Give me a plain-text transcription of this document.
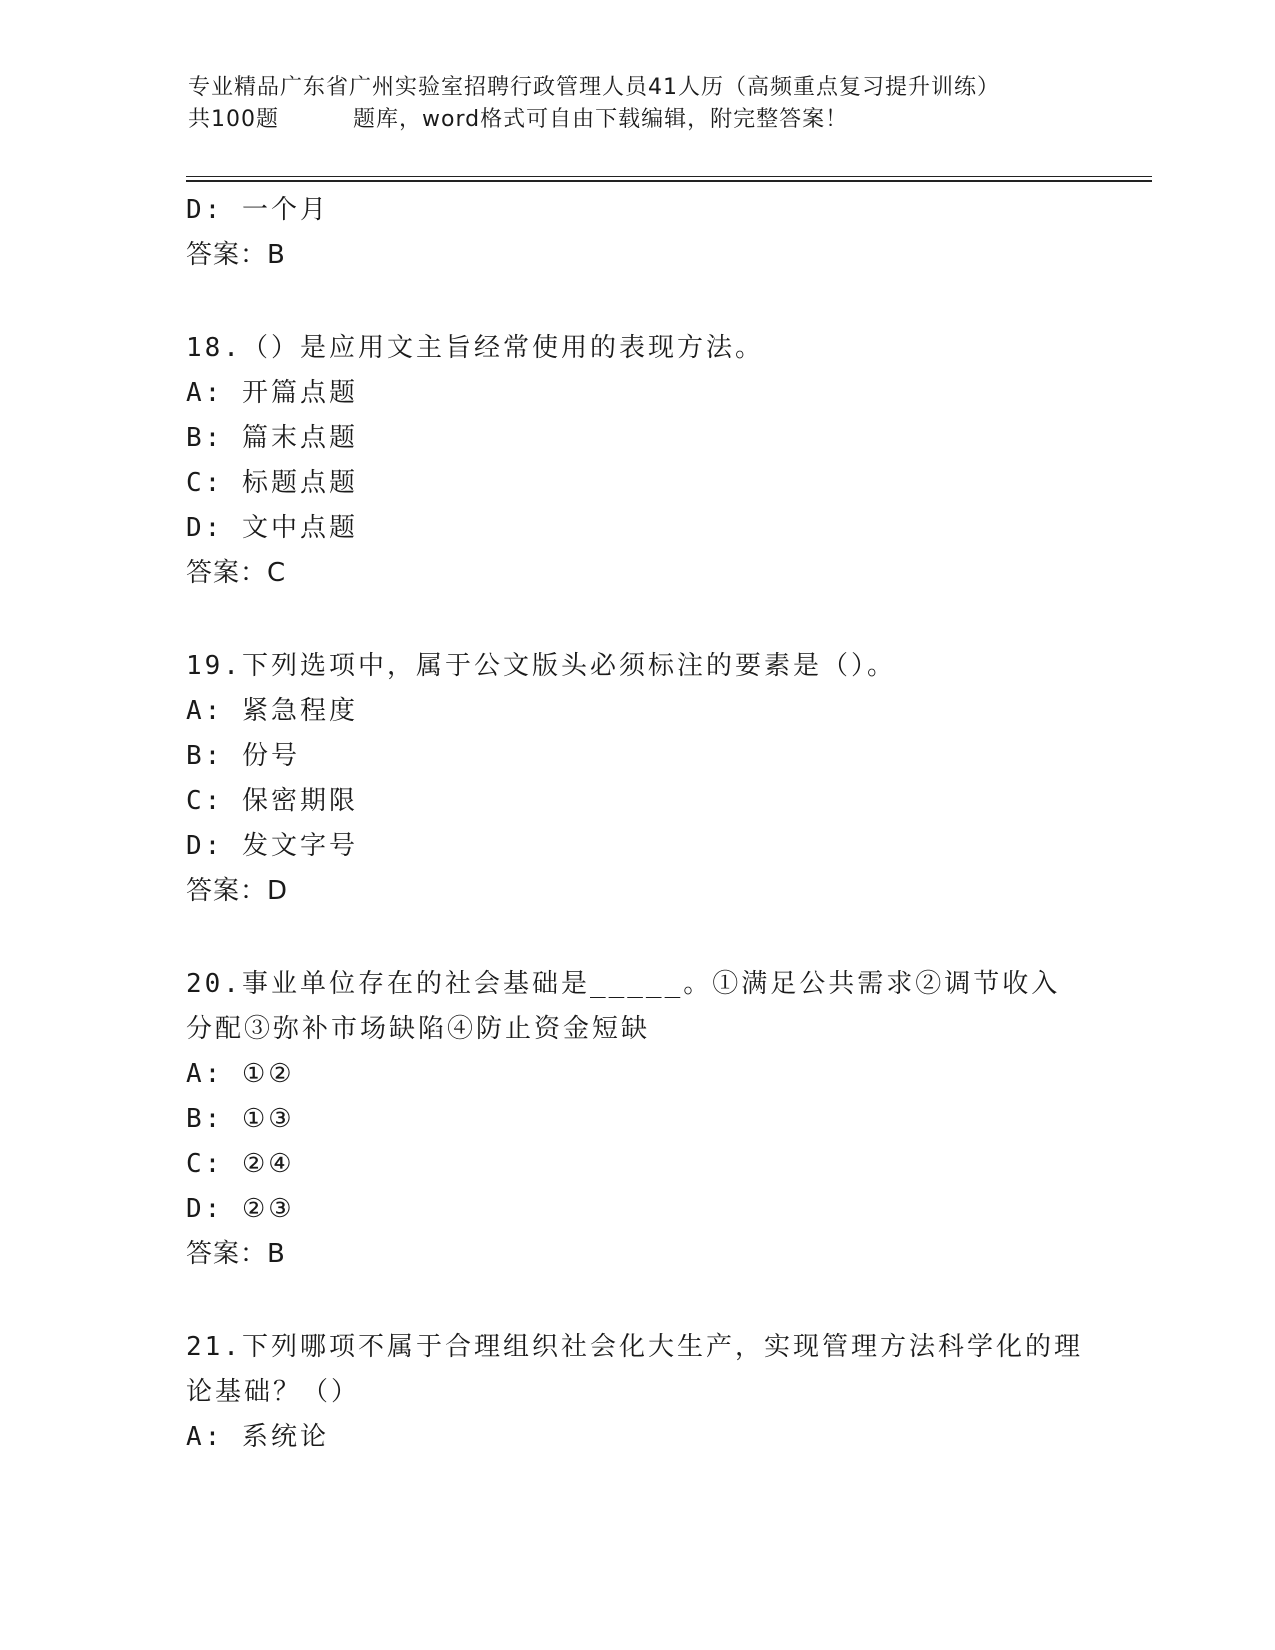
专业精品广东省广州实验室招聘行政管理人员41人历（高频重点复习提升训练）
共100题	题库，word格式可自由下载编辑，附完整答案！
D: 一个月
答案：B
18.（）是应用文主旨经常使用的表现方法。
A: 开篇点题
B: 篇末点题
C: 标题点题
D: 文中点题
答案：C
19.下列选项中，属于公文版头必须标注的要素是（）。
A: 紧急程度
B: 份号
C: 保密期限
D: 发文字号
答案：D
20.事业单位存在的社会基础是_____。①满足公共需求②调节收入分配③弥补市场缺陷④防止资金短缺
A: ①②
B: ①③
C: ②④
D: ②③
答案：B
21.下列哪项不属于合理组织社会化大生产，实现管理方法科学化的理论基础？（）
A: 系统论
